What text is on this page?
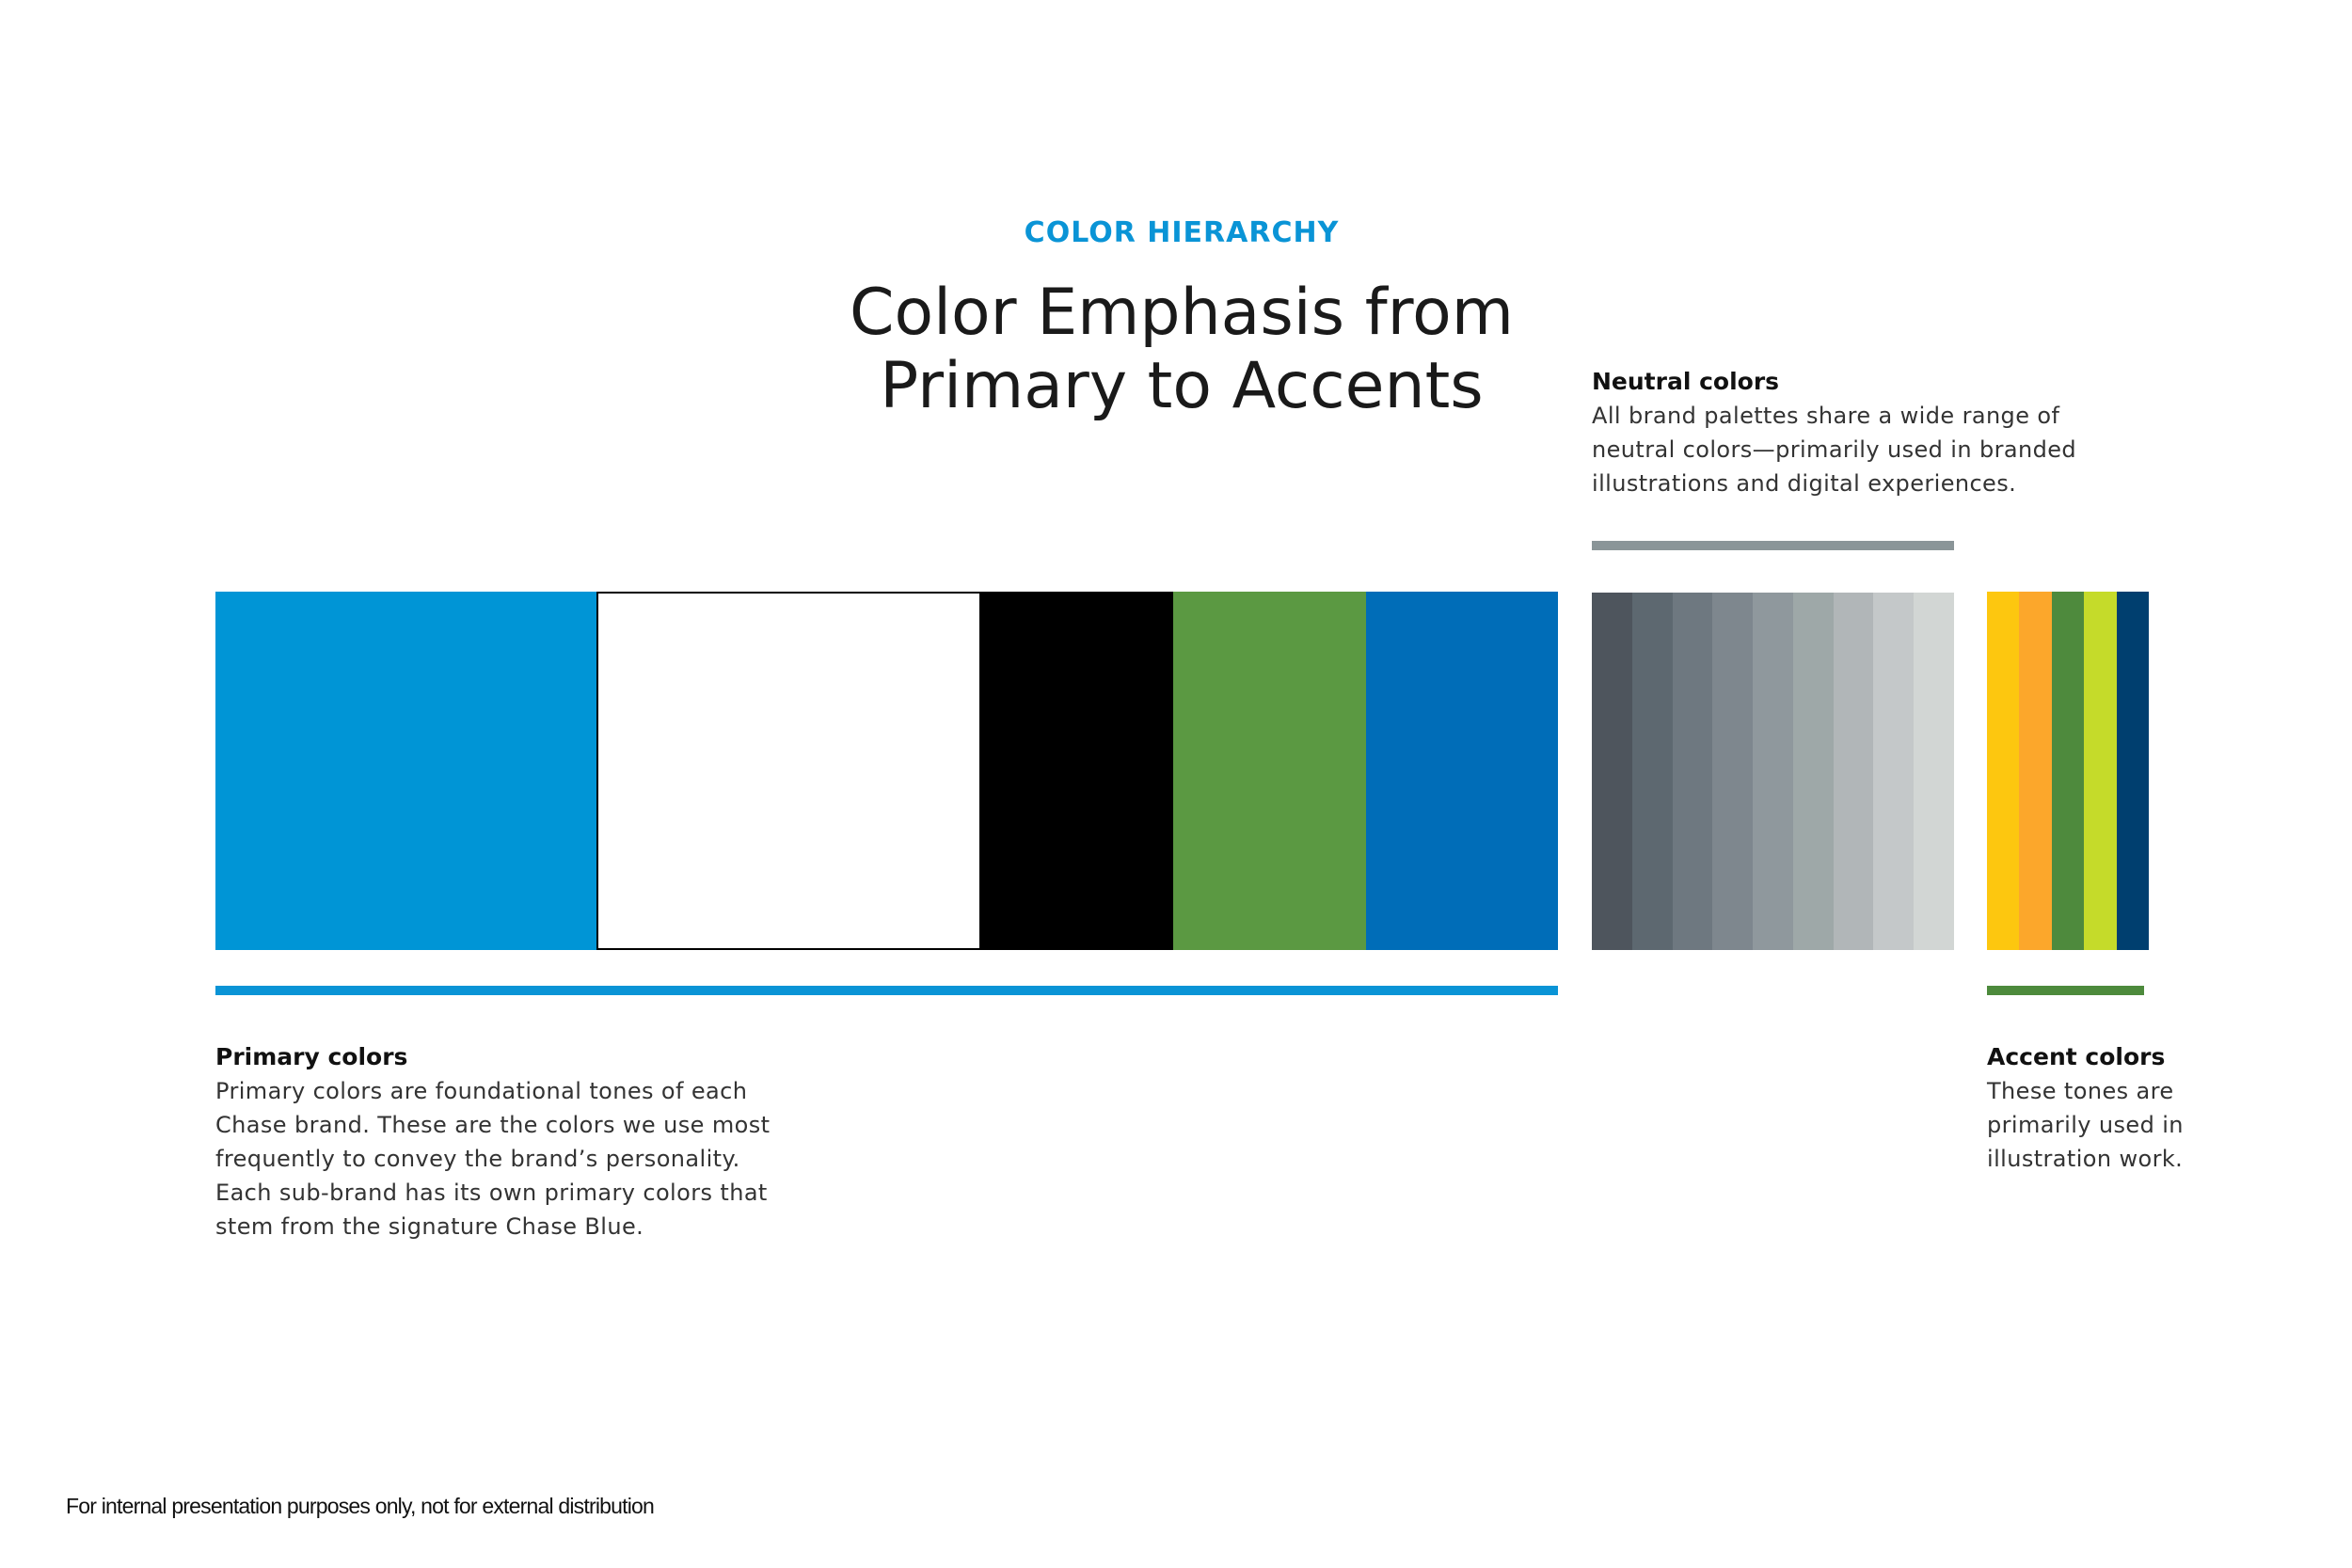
COLOR HIERARCHY
Color Emphasis from
Primary to Accents	Neutral colors
All brand palettes share a wide range of neutral colors—primarily used in branded illustrations and digital experiences.
Primary colors
Primary colors are foundational tones of each Chase brand. These are the colors we use most frequently to convey the brand’s personality. Each sub-brand has its own primary colors that stem from the signature Chase Blue.
Accent colors
These tones are primarily used in illustration work.
For internal presentation purposes only, not for external distribution
